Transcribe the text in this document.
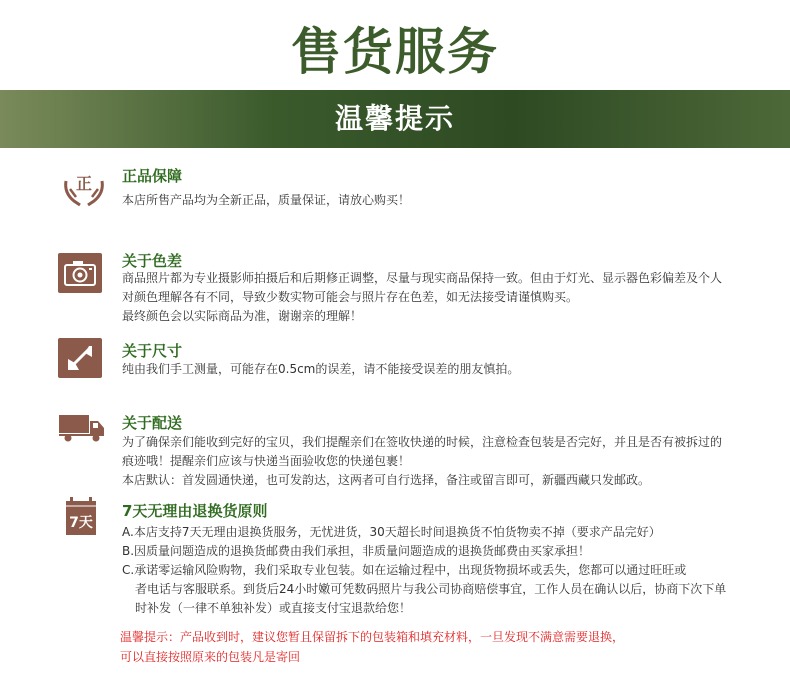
售货服务
温馨提示
正 正品保障

本店所售产品均为全新正品，质量保证，请放心购买！

关于色差

商品照片都为专业摄影师拍摄后和后期修正调整，尽量与现实商品保持一致。但由于灯光、显示器色彩偏差及个人

对颜色理解各有不同，导致少数实物可能会与照片存在色差，如无法接受请谨慎购买。

最终颜色会以实际商品为准，谢谢亲的理解！

关于尺寸

纯由我们手工测量，可能存在0.5cm的误差，请不能接受误差的朋友慎拍。

关于配送

为了确保亲们能收到完好的宝贝，我们提醒亲们在签收快递的时候，注意检查包装是否完好，并且是否有被拆过的

痕迹哦！提醒亲们应该与快递当面验收您的快递包裹！

本店默认：首发圆通快递，也可发韵达，这两者可自行选择，备注或留言即可，新疆西藏只发邮政。

7天
7天无理由退换货原则

A.本店支持7天无理由退换货服务，无忧进货，30天超长时间退换货不怕货物卖不掉（要求产品完好）

B.因质量问题造成的退换货邮费由我们承担，非质量问题造成的退换货邮费由买家承担！

C.承诺零运输风险购物，我们采取专业包装。如在运输过程中，出现货物损坏或丢失，您都可以通过旺旺或

者电话与客服联系。到货后24小时嫩可凭数码照片与我公司协商赔偿事宜，工作人员在确认以后，协商下次下单

时补发（一律不单独补发）或直接支付宝退款给您！

温馨提示：产品收到时，建议您暂且保留拆下的包装箱和填充材料，一旦发现不满意需要退换，

可以直接按照原来的包装凡是寄回
